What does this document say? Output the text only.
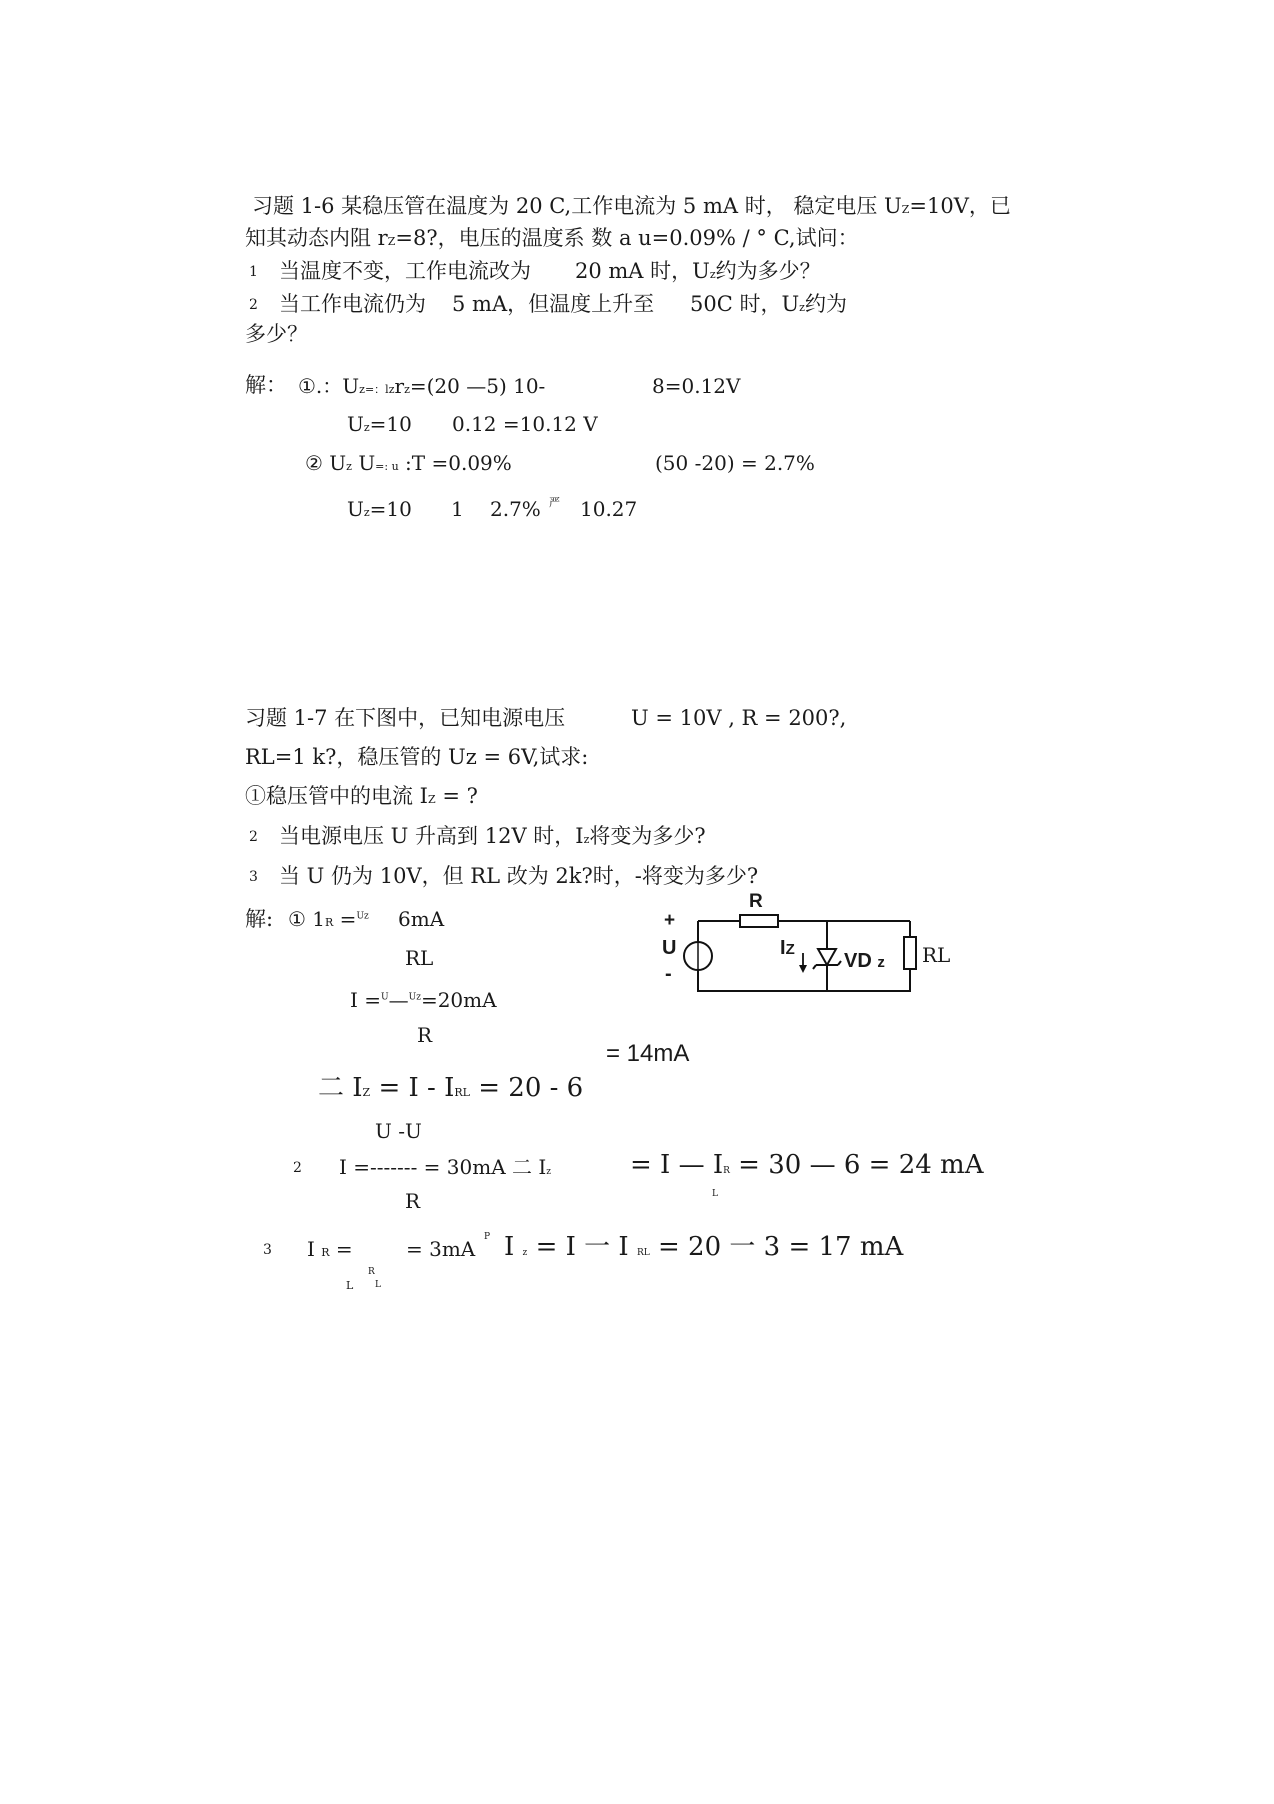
习题 1-6 某稳压管在温度为 20 C,工作电流为 5 mA 时， 稳定电压 UZ=10V，已
知其动态内阻 rZ=8?，电压的温度系 数 a u=0.09% / ° C,试问：
1 当温度不变，工作电流改为 20 mA 时，Uz约为多少？
2 当工作电流仍为 5 mA，但温度上升至 50C 时，Uz约为
多少？
解： ①.：Uz=：lzrz=(20 —5) 10-	8=0.12V
Uz=10 0.12 =10.12 V
② Uz U=: u :T =0.09%	(50 -20) = 2.7%
Uz=10 1 2.7% 严 10.27
习题 1-7 在下图中，已知电源电压	U = 10V , R = 200?,
RL=1 k?，稳压管的 Uz = 6V,试求:
①稳压管中的电流 IZ = ?
2 当电源电压 U 升高到 12V 时，Iz将变为多少?
3 当 U 仍为 10V，但 RL 改为 2k?时，-将变为多少?
解: ① 1R =$^{Uz}$ 6mA
RL
I =$^U$—$^{Uz}$=20mA
R
= 14mA
二 IZ = I - IRL = 20 - 6
U -U
2 I =------- = 30mA 二 Iz	= I — IR = 30 — 6 = 24 mA
L
R
3 I R =	= 3mA P I z = I 一 I RL = 20 一 3 = 17 mA
L
R
L
+
U
-
R
IZ
VD z RL
